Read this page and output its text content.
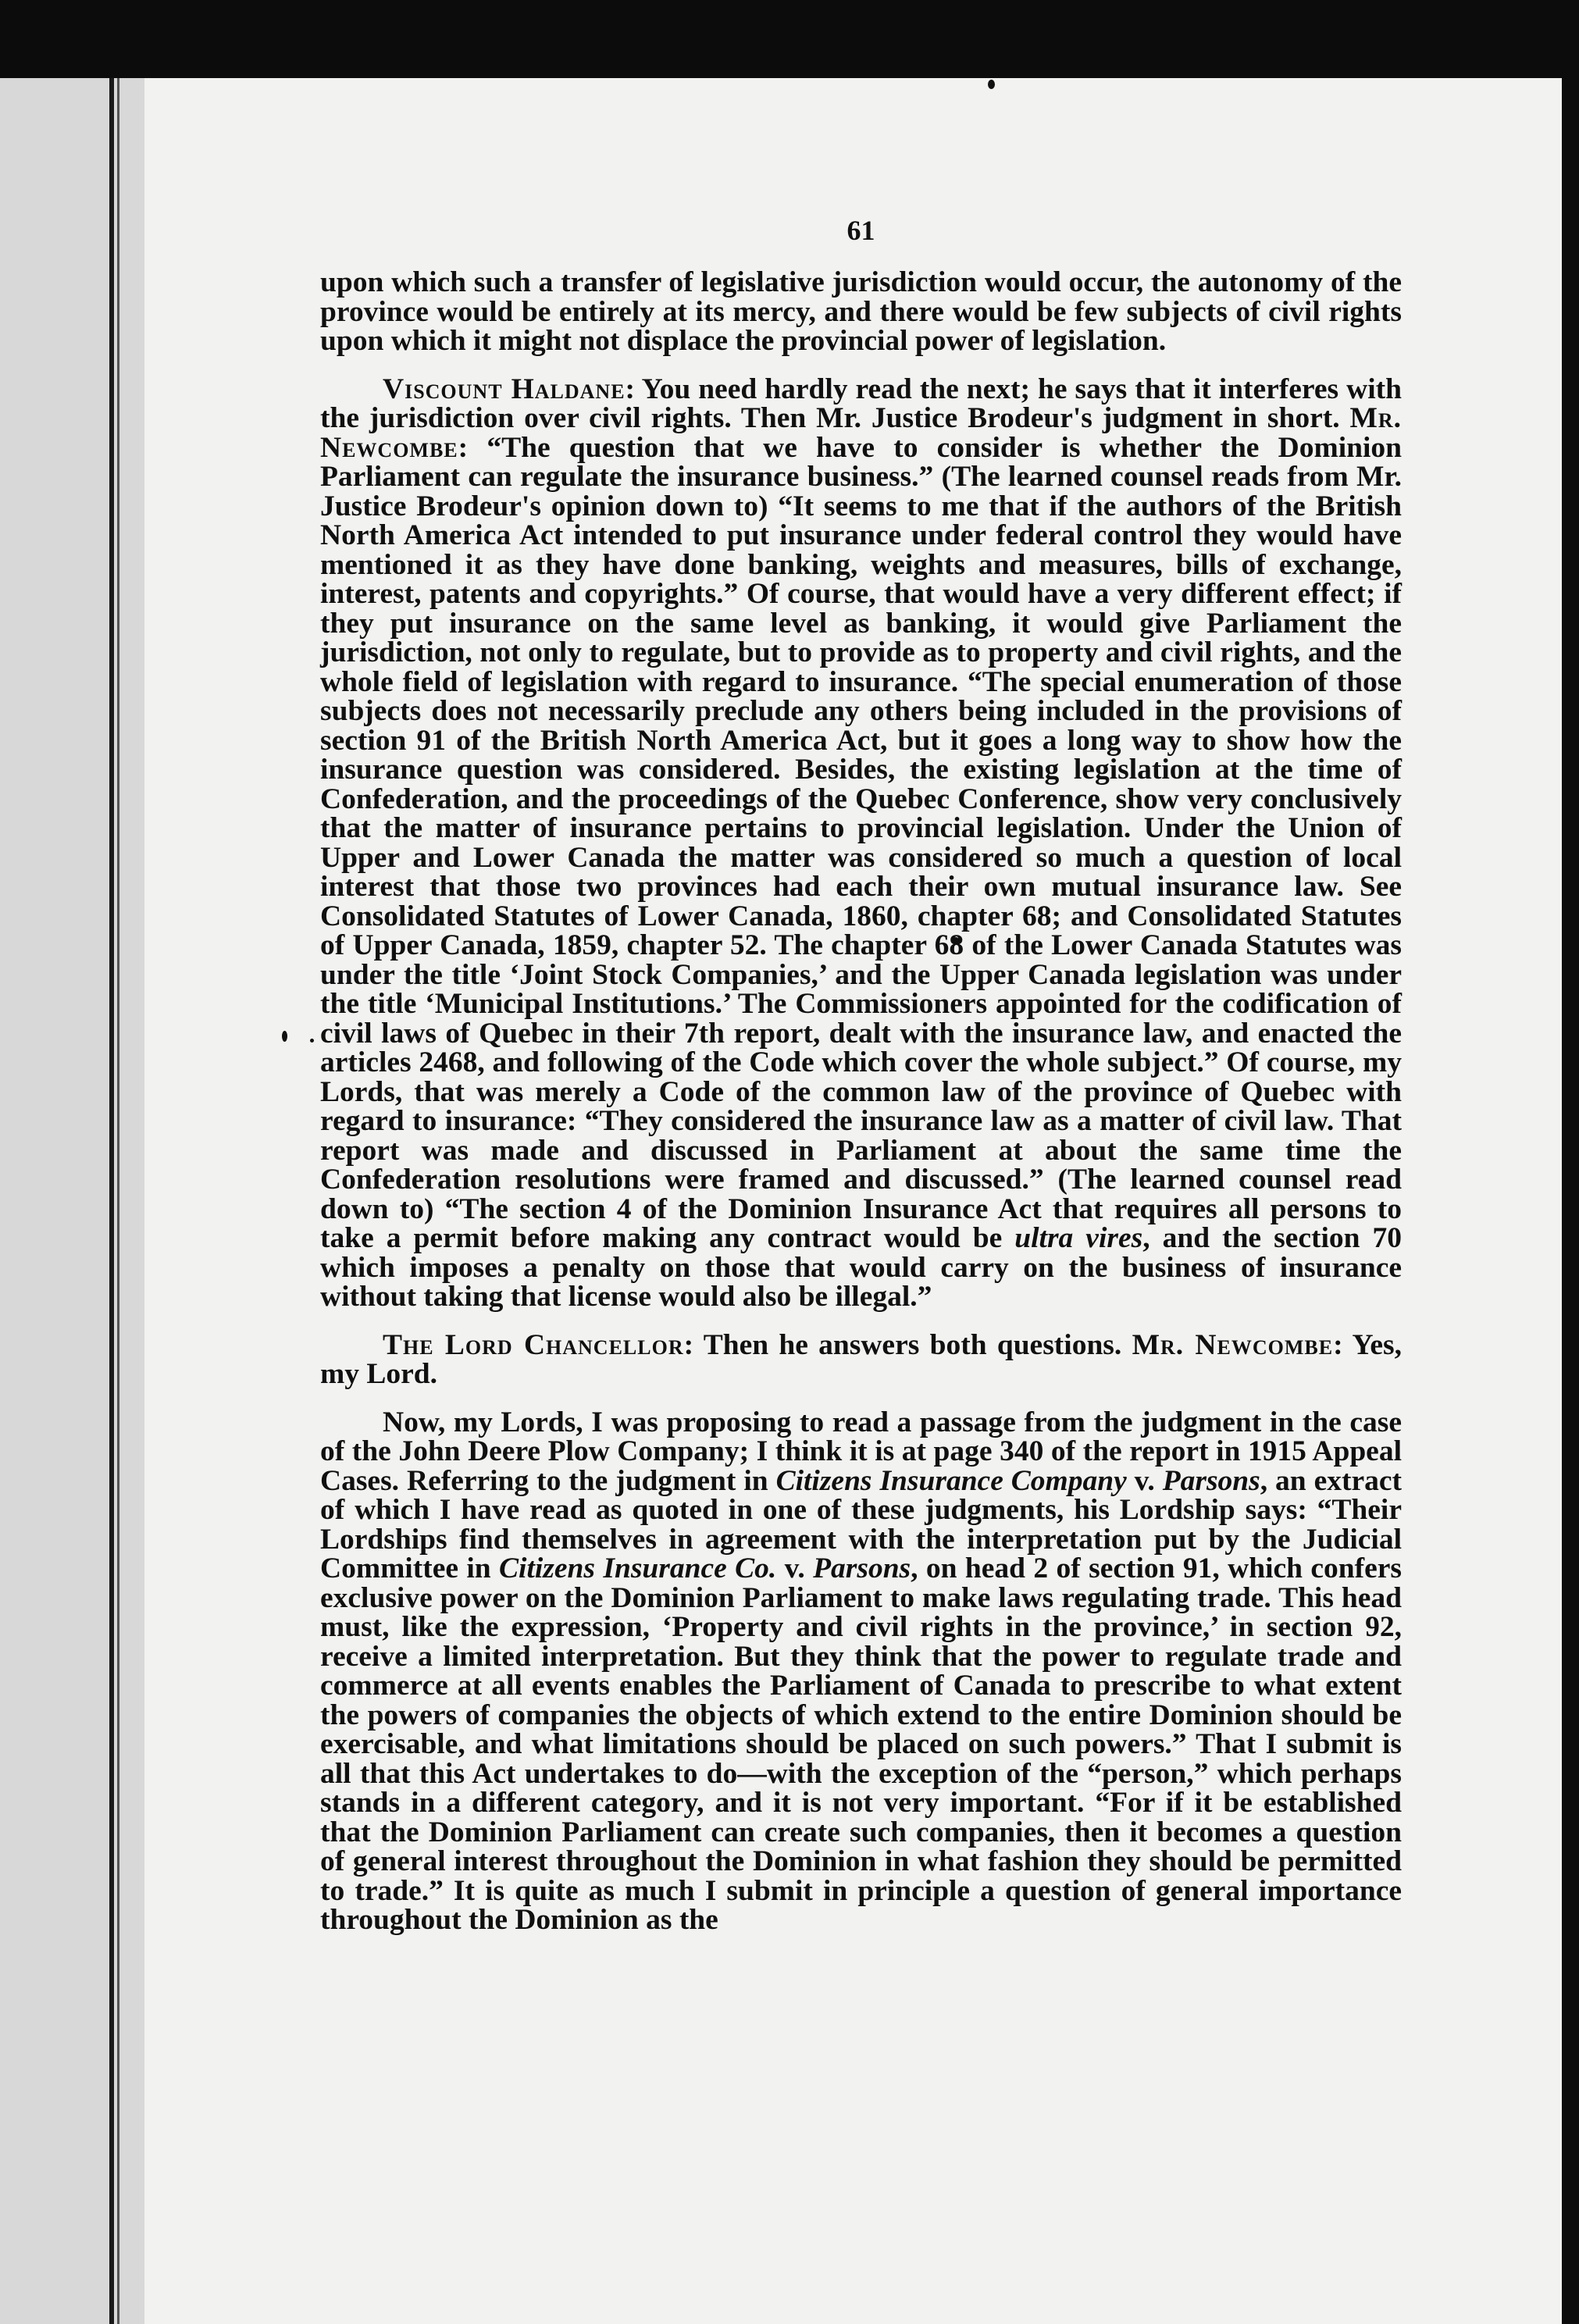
61

upon which such a transfer of legislative jurisdiction would occur, the autonomy of the province would be entirely at its mercy, and there would be few subjects of civil rights upon which it might not displace the provincial power of legislation.

Viscount Haldane: You need hardly read the next; he says that it interferes with the jurisdiction over civil rights. Then Mr. Justice Brodeur's judgment in short. Mr. Newcombe: “The question that we have to consider is whether the Dominion Parliament can regulate the insurance business.” (The learned counsel reads from Mr. Justice Brodeur's opinion down to) “It seems to me that if the authors of the British North America Act intended to put insurance under federal control they would have mentioned it as they have done banking, weights and measures, bills of exchange, interest, patents and copyrights.” Of course, that would have a very different effect; if they put insurance on the same level as banking, it would give Parliament the jurisdiction, not only to regulate, but to provide as to property and civil rights, and the whole field of legislation with regard to insurance. “The special enumeration of those subjects does not necessarily preclude any others being included in the provisions of section 91 of the British North America Act, but it goes a long way to show how the insurance question was considered. Besides, the existing legislation at the time of Confederation, and the proceedings of the Quebec Conference, show very conclusively that the matter of insurance pertains to provincial legislation. Under the Union of Upper and Lower Canada the matter was considered so much a question of local interest that those two provinces had each their own mutual insurance law. See Consolidated Statutes of Lower Canada, 1860, chapter 68; and Consolidated Statutes of Upper Canada, 1859, chapter 52. The chapter 68 of the Lower Canada Statutes was under the title ‘Joint Stock Companies,’ and the Upper Canada legislation was under the title ‘Municipal Institutions.’ The Commissioners appointed for the codification of civil laws of Quebec in their 7th report, dealt with the insurance law, and enacted the articles 2468, and following of the Code which cover the whole subject.” Of course, my Lords, that was merely a Code of the common law of the province of Quebec with regard to insurance: “They considered the insurance law as a matter of civil law. That report was made and discussed in Parliament at about the same time the Confederation resolutions were framed and discussed.” (The learned counsel read down to) “The section 4 of the Dominion Insurance Act that requires all persons to take a permit before making any contract would be ultra vires, and the section 70 which imposes a penalty on those that would carry on the business of insurance without taking that license would also be illegal.”

The Lord Chancellor: Then he answers both questions. Mr. Newcombe: Yes, my Lord.

Now, my Lords, I was proposing to read a passage from the judgment in the case of the John Deere Plow Company; I think it is at page 340 of the report in 1915 Appeal Cases. Referring to the judgment in Citizens Insurance Company v. Parsons, an extract of which I have read as quoted in one of these judgments, his Lordship says: “Their Lordships find themselves in agreement with the interpretation put by the Judicial Committee in Citizens Insurance Co. v. Parsons, on head 2 of section 91, which confers exclusive power on the Dominion Parliament to make laws regulating trade. This head must, like the expression, ‘Property and civil rights in the province,’ in section 92, receive a limited interpretation. But they think that the power to regulate trade and commerce at all events enables the Parliament of Canada to prescribe to what extent the powers of companies the objects of which extend to the entire Dominion should be exercisable, and what limitations should be placed on such powers.” That I submit is all that this Act undertakes to do—with the exception of the “person,” which perhaps stands in a different category, and it is not very important. “For if it be established that the Dominion Parliament can create such companies, then it becomes a question of general interest throughout the Dominion in what fashion they should be permitted to trade.” It is quite as much I submit in principle a question of general importance throughout the Dominion as the
